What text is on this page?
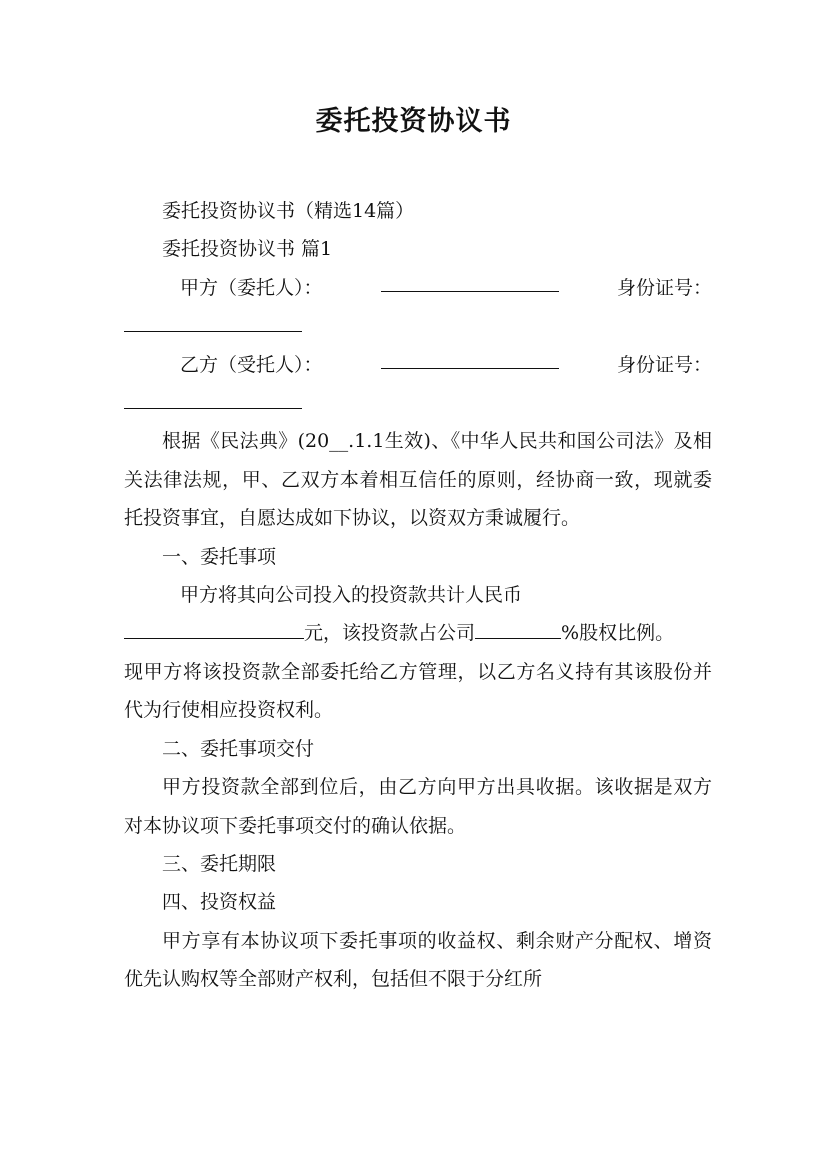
委托投资协议书

委托投资协议书（精选14篇）

委托投资协议书 篇1

甲方（委托人）：	身份证号：
乙方（受托人）：	身份证号：

根据《民法典》(20__.1.1生效)、《中华人民共和国公司法》及相关法律法规，甲、乙双方本着相互信任的原则，经协商一致，现就委托投资事宜，自愿达成如下协议，以资双方秉诚履行。

一、委托事项

甲方将其向公司投入的投资款共计人民币
元，该投资款占公司	%股权比例。

现甲方将该投资款全部委托给乙方管理，以乙方名义持有其该股份并代为行使相应投资权利。

二、委托事项交付

甲方投资款全部到位后，由乙方向甲方出具收据。该收据是双方对本协议项下委托事项交付的确认依据。

三、委托期限

四、投资权益

甲方享有本协议项下委托事项的收益权、剩余财产分配权、增资优先认购权等全部财产权利，包括但不限于分红所
